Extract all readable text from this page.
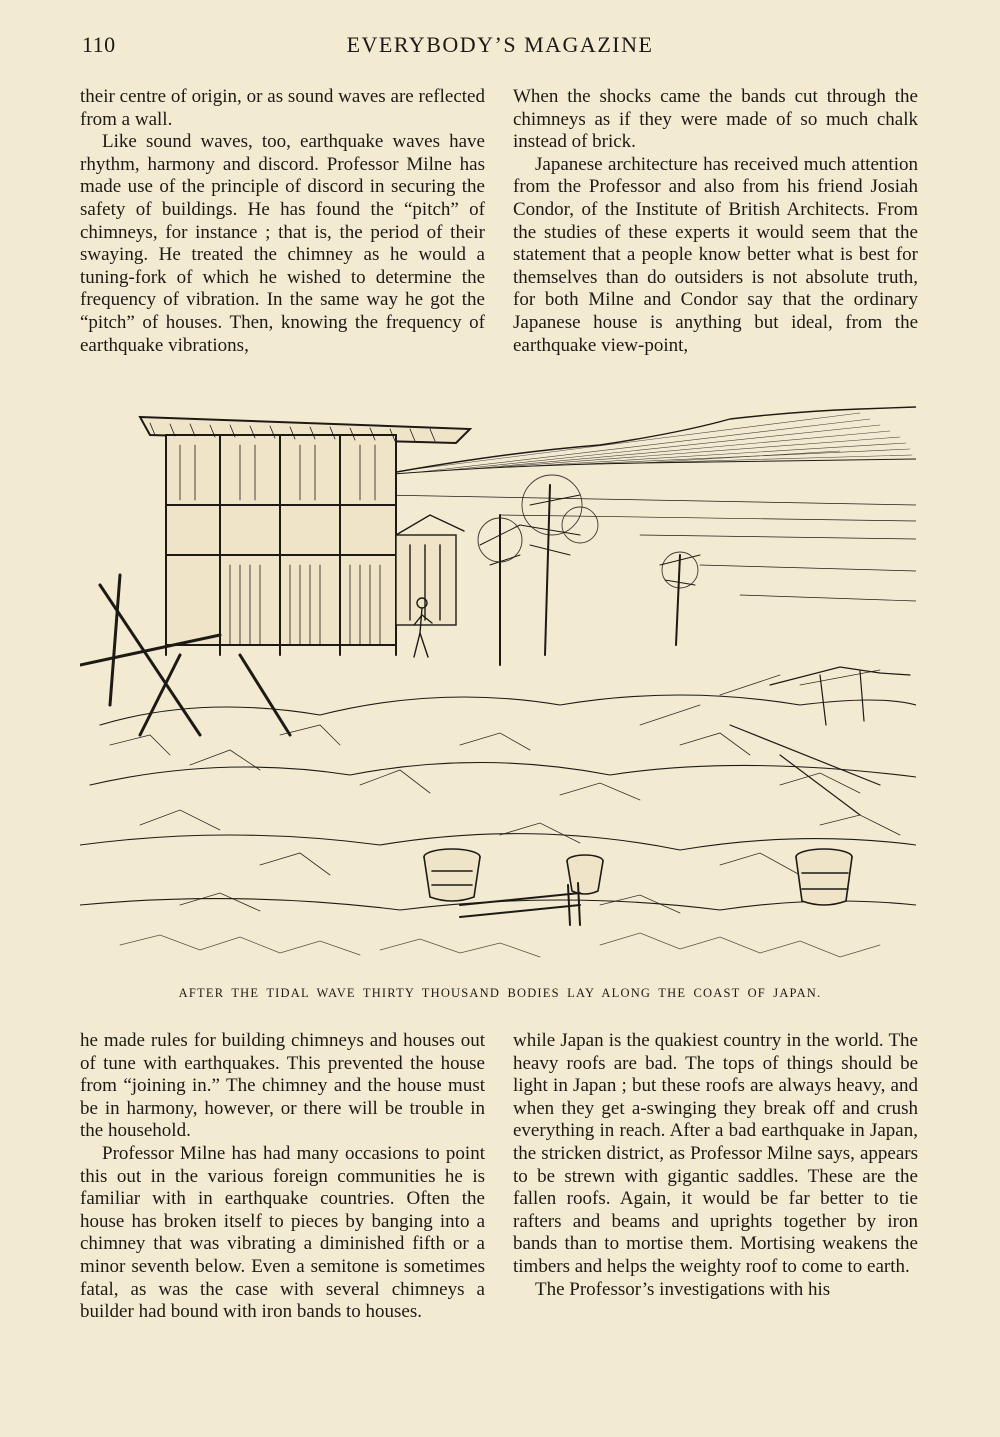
110	EVERYBODY’S MAGAZINE

their centre of origin, or as sound waves are reflected from a wall.

Like sound waves, too, earthquake waves have rhythm, harmony and discord. Professor Milne has made use of the principle of discord in securing the safety of buildings. He has found the “pitch” of chimneys, for instance ; that is, the period of their swaying. He treated the chimney as he would a tuning-fork of which he wished to determine the frequency of vibration. In the same way he got the “pitch” of houses. Then, knowing the frequency of earthquake vibrations,

When the shocks came the bands cut through the chimneys as if they were made of so much chalk instead of brick.

Japanese architecture has received much attention from the Professor and also from his friend Josiah Condor, of the Institute of British Architects. From the studies of these experts it would seem that the statement that a people know better what is best for themselves than do outsiders is not absolute truth, for both Milne and Condor say that the ordinary Japanese house is anything but ideal, from the earthquake view-point,

AFTER THE TIDAL WAVE THIRTY THOUSAND BODIES LAY ALONG THE COAST OF JAPAN.

he made rules for building chimneys and houses out of tune with earthquakes. This prevented the house from “joining in.” The chimney and the house must be in harmony, however, or there will be trouble in the household.

Professor Milne has had many occasions to point this out in the various foreign communities he is familiar with in earthquake countries. Often the house has broken itself to pieces by banging into a chimney that was vibrating a diminished fifth or a minor seventh below. Even a semitone is sometimes fatal, as was the case with several chimneys a builder had bound with iron bands to houses.

while Japan is the quakiest country in the world. The heavy roofs are bad. The tops of things should be light in Japan ; but these roofs are always heavy, and when they get a-swinging they break off and crush everything in reach. After a bad earthquake in Japan, the stricken district, as Professor Milne says, appears to be strewn with gigantic saddles. These are the fallen roofs. Again, it would be far better to tie rafters and beams and uprights together by iron bands than to mortise them. Mortising weakens the timbers and helps the weighty roof to come to earth.

The Professor’s investigations with his
